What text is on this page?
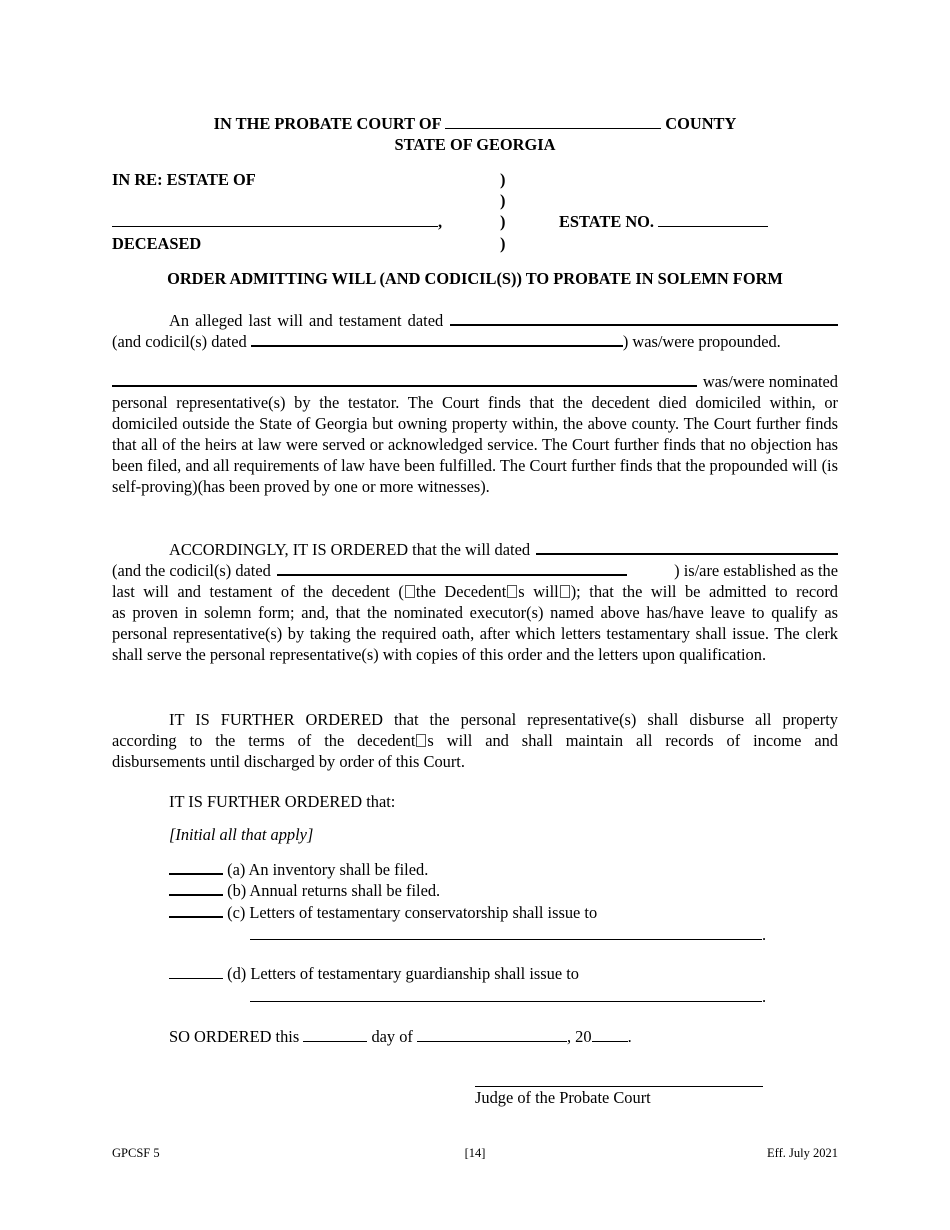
IN THE PROBATE COURT OF	COUNTY
STATE OF GEORGIA
IN RE: ESTATE OF	)
)
,	)	ESTATE NO.
DECEASED	)
ORDER ADMITTING WILL (AND CODICIL(S)) TO PROBATE IN SOLEMN FORM
An alleged last will and testament dated
(and codicil(s) dated	) was/were propounded.
was/were nominated
personal representative(s) by the testator. The Court finds that the decedent died domiciled within, or domiciled outside the State of Georgia but owning property within, the above county. The Court further finds that all of the heirs at law were served or acknowledged service. The Court further finds that no objection has been filed, and all requirements of law have been fulfilled. The Court further finds that the propounded will (is self-proving)(has been proved by one or more witnesses).
ACCORDINGLY, IT IS ORDERED that the will dated
(and the codicil(s) dated	) is/are established as the
last will and testament of the decedent ( the Decedent s will ); that the will be admitted to record
as proven in solemn form; and, that the nominated executor(s) named above has/have leave to qualify as personal representative(s) by taking the required oath, after which letters testamentary shall issue. The clerk shall serve the personal representative(s) with copies of this order and the letters upon qualification.
IT IS FURTHER ORDERED that the personal representative(s) shall disburse all property
according to the terms of the decedent s will and shall maintain all records of income and
disbursements until discharged by order of this Court.
IT IS FURTHER ORDERED that:
[Initial all that apply]
(a) An inventory shall be filed.
(b) Annual returns shall be filed.
(c) Letters of testamentary conservatorship shall issue to
.
(d) Letters of testamentary guardianship shall issue to
.
SO ORDERED this	day of	, 20 .
Judge of the Probate Court
GPCSF 5	[14]	Eff. July 2021
